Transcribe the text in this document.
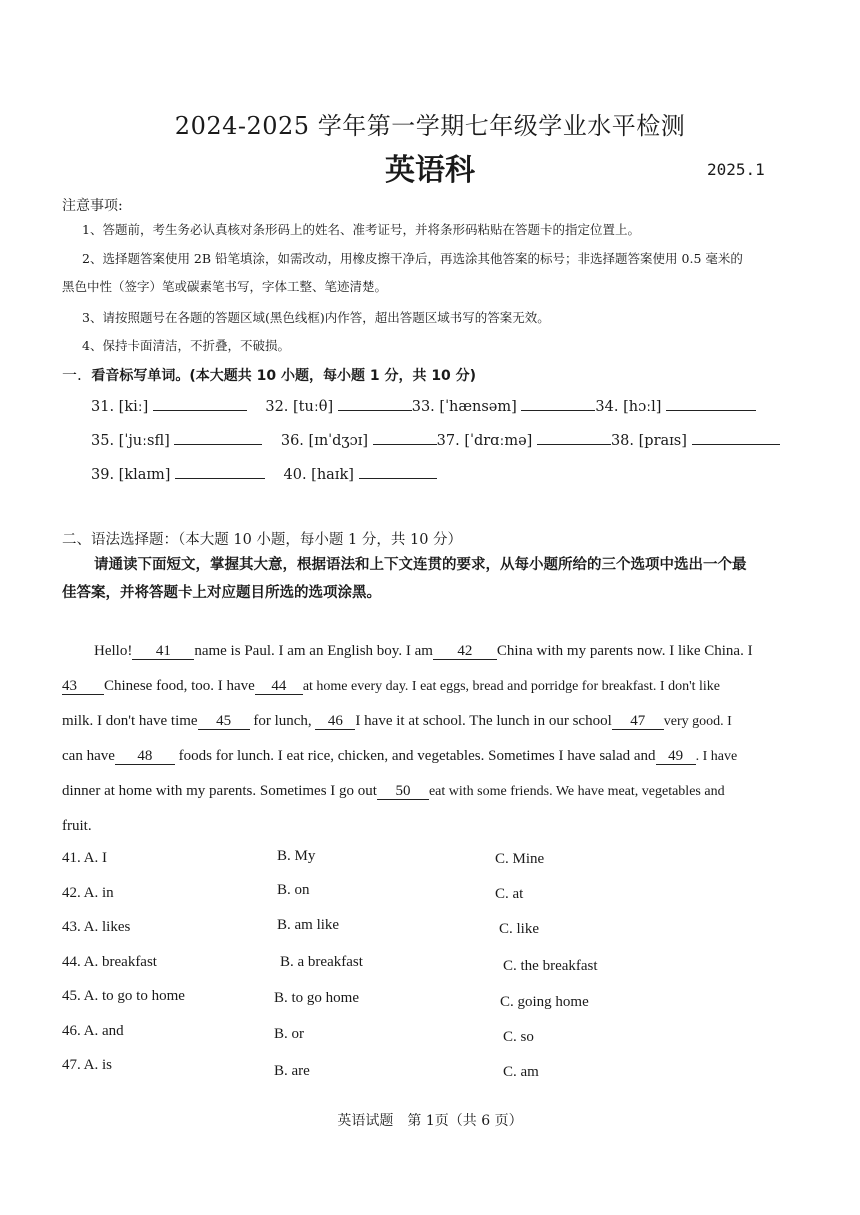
2024-2025 学年第一学期七年级学业水平检测
英语科	2025.1
注意事项:
1、答题前，考生务必认真核对条形码上的姓名、准考证号，并将条形码粘贴在答题卡的指定位置上。
2、选择题答案使用 2B 铅笔填涂，如需改动，用橡皮擦干净后，再选涂其他答案的标号；非选择题答案使用 0.5 毫米的
黑色中性（签字）笔或碳素笔书写，字体工整、笔迹清楚。
3、请按照题号在各题的答题区域(黑色线框)内作答，超出答题区域书写的答案无效。
4、保持卡面清洁，不折叠，不破损。
一. 看音标写单词。(本大题共 10 小题，每小题 1 分，共 10 分)
31. [kiː]	32. [tuːθ]	33. [ˈhænsəm]	34. [hɔːl]
35. [ˈjuːsfl]	36. [ɪnˈdʒɔɪ]	37. [ˈdrɑːmə]	38. [praɪs]
39. [klaɪm]	40. [haɪk]
二、语法选择题：（本大题 10 小题，每小题 1 分，共 10 分）
请通读下面短文，掌握其大意，根据语法和上下文连贯的要求，从每小题所给的三个选项中选出一个最
佳答案，并将答题卡上对应题目所选的选项涂黑。
Hello! 41 name is Paul. I am an English boy. I am 42 China with my parents now. I like China. I
43 Chinese food, too. I have 44 at home every day. I eat eggs, bread and porridge for breakfast. I don't like
milk. I don't have time 45 for lunch, 46 I have it at school. The lunch in our school 47 very good. I
can have 48 foods for lunch. I eat rice, chicken, and vegetables. Sometimes I have salad and 49 . I have
dinner at home with my parents. Sometimes I go out 50 eat with some friends. We have meat, vegetables and
fruit.
41. A. I	B. My	C. Mine
42. A. in	B. on	C. at
43. A. likes	B. am like	C. like
44. A. breakfast	B. a breakfast	C. the breakfast
45. A. to go to home	B. to go home	C. going home
46. A. and	B. or	C. so
47. A. is	B. are	C. am
英语试题　第 1页（共 6 页）
